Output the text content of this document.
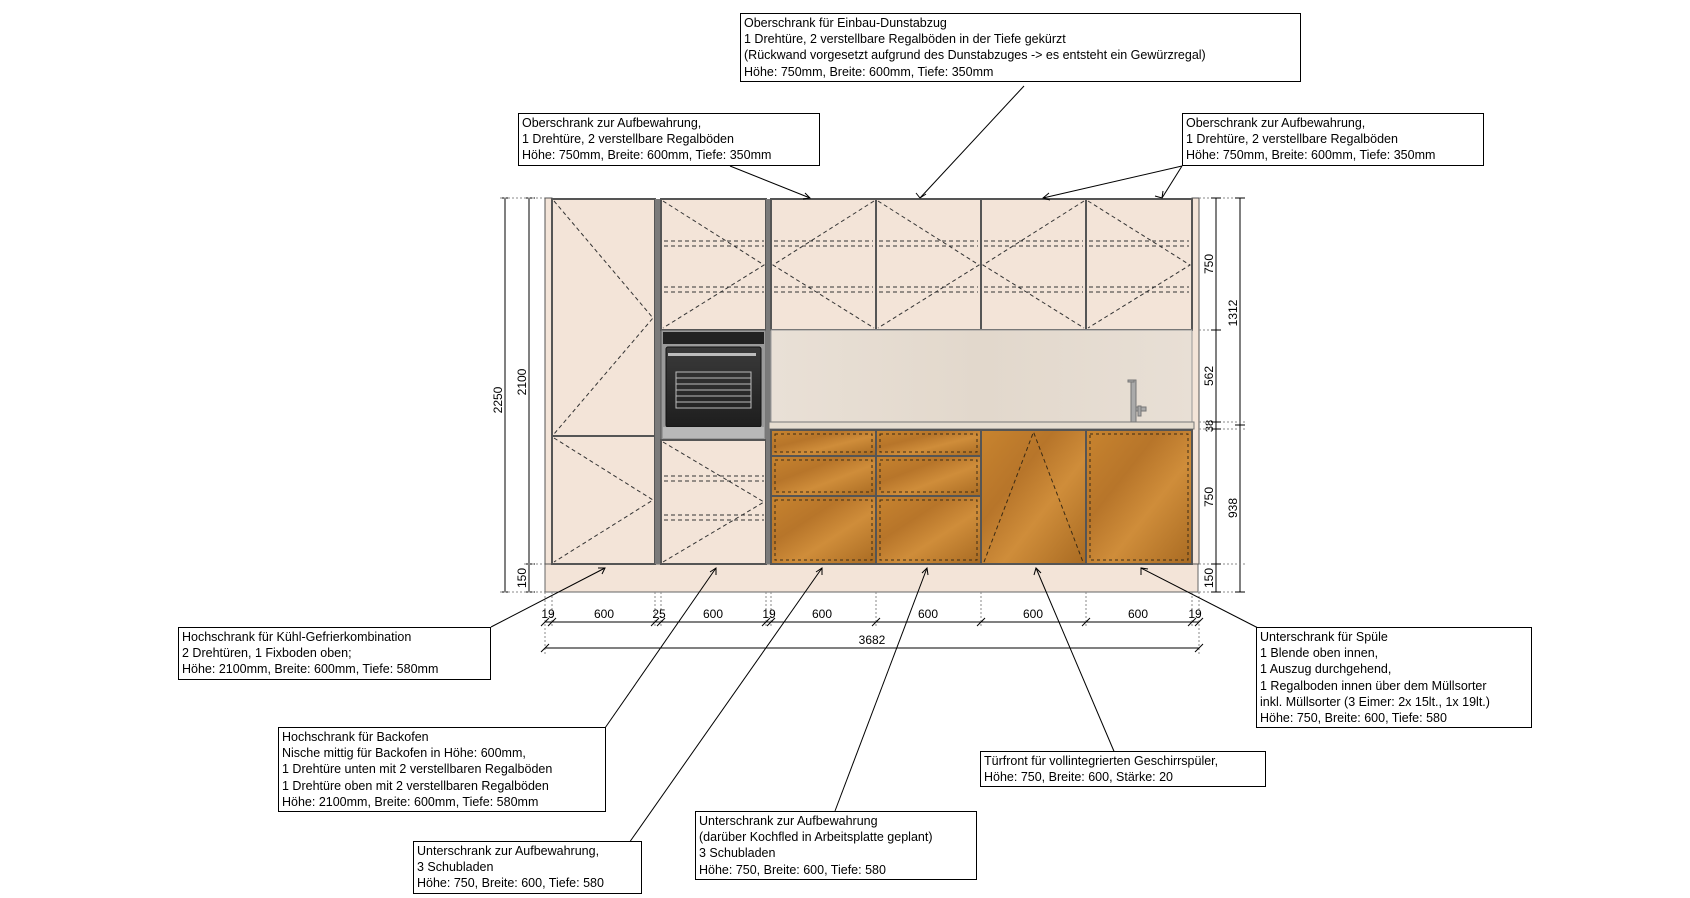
2250
2100
150
750
1312
562
38
750
938
150
19	600	25	600	19	600	600	600	600	19
3682
Oberschrank für Einbau-Dunstabzug
1 Drehtüre, 2 verstellbare Regalböden in der Tiefe gekürzt
(Rückwand vorgesetzt aufgrund des Dunstabzuges -> es entsteht ein Gewürzregal)
Höhe: 750mm, Breite: 600mm, Tiefe: 350mm
Oberschrank zur Aufbewahrung,
1 Drehtüre, 2 verstellbare Regalböden
Höhe: 750mm, Breite: 600mm, Tiefe: 350mm
Oberschrank zur Aufbewahrung,
1 Drehtüre, 2 verstellbare Regalböden
Höhe: 750mm, Breite: 600mm, Tiefe: 350mm
Hochschrank für Kühl-Gefrierkombination
2 Drehtüren, 1 Fixboden oben;
Höhe: 2100mm, Breite: 600mm, Tiefe: 580mm
Hochschrank für Backofen
Nische mittig für Backofen in Höhe: 600mm,
1 Drehtüre unten mit 2 verstellbaren Regalböden
1 Drehtüre oben mit 2 verstellbaren Regalböden
Höhe: 2100mm, Breite: 600mm, Tiefe: 580mm
Unterschrank zur Aufbewahrung,
3 Schubladen
Höhe: 750, Breite: 600, Tiefe: 580
Unterschrank zur Aufbewahrung
(darüber Kochfled in Arbeitsplatte geplant)
3 Schubladen
Höhe: 750, Breite: 600, Tiefe: 580
Türfront für vollintegrierten Geschirrspüler,
Höhe: 750, Breite: 600, Stärke: 20
Unterschrank für Spüle
1 Blende oben innen,
1 Auszug durchgehend,
1 Regalboden innen über dem Müllsorter
inkl. Müllsorter (3 Eimer: 2x 15lt., 1x 19lt.)
Höhe: 750, Breite: 600, Tiefe: 580
